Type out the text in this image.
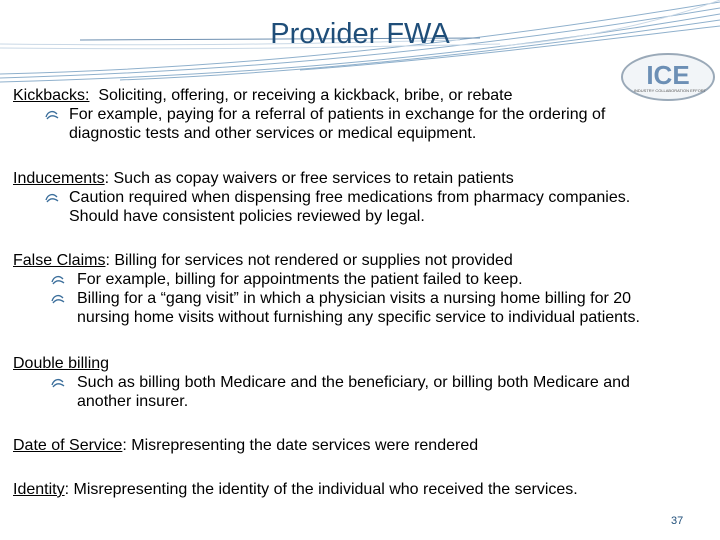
Provider FWA
ICE
INDUSTRY COLLABORATION EFFORT
Kickbacks:  Soliciting, offering, or receiving a kickback, bribe, or rebate
For example, paying for a referral of patients in exchange for the ordering of
diagnostic tests and other services or medical equipment.
Inducements: Such as copay waivers or free services to retain patients
Caution required when dispensing free medications from pharmacy companies.
Should have consistent policies reviewed by legal.
False Claims: Billing for services not rendered or supplies not provided
For example, billing for appointments the patient failed to keep.
Billing for a “gang visit” in which a physician visits a nursing home billing for 20
nursing home visits without furnishing any specific service to individual patients.
Double billing
Such as billing both Medicare and the beneficiary, or billing both Medicare and
another insurer.
Date of Service: Misrepresenting the date services were rendered
Identity: Misrepresenting the identity of the individual who received the services.
37
